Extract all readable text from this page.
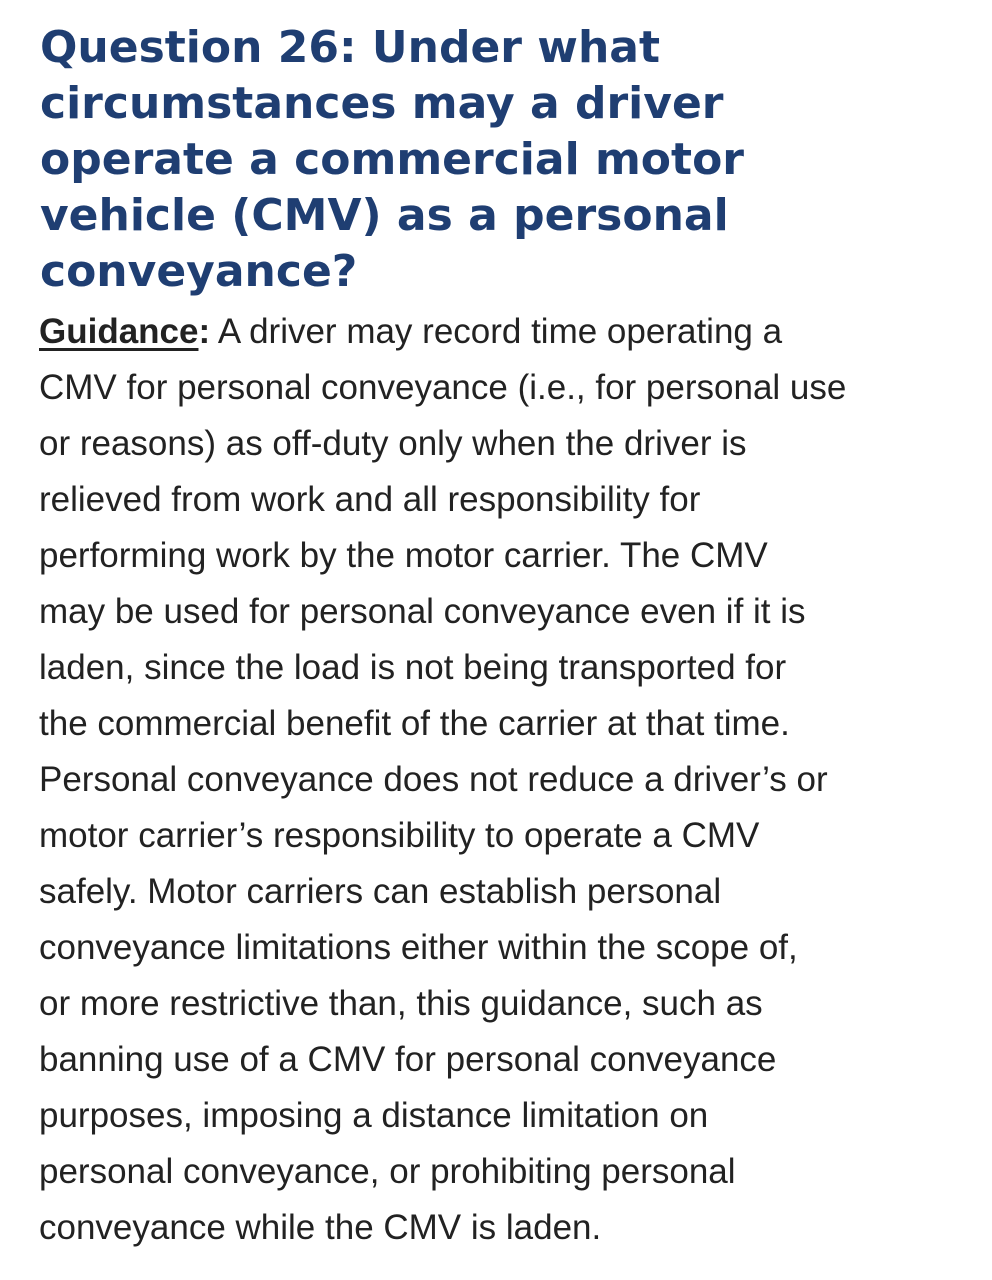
Question 26: Under what
circumstances may a driver
operate a commercial motor
vehicle (CMV) as a personal
conveyance?
Guidance: A driver may record time operating a
CMV for personal conveyance (i.e., for personal use
or reasons) as off-duty only when the driver is
relieved from work and all responsibility for
performing work by the motor carrier. The CMV
may be used for personal conveyance even if it is
laden, since the load is not being transported for
the commercial benefit of the carrier at that time.
Personal conveyance does not reduce a driver’s or
motor carrier’s responsibility to operate a CMV
safely. Motor carriers can establish personal
conveyance limitations either within the scope of,
or more restrictive than, this guidance, such as
banning use of a CMV for personal conveyance
purposes, imposing a distance limitation on
personal conveyance, or prohibiting personal
conveyance while the CMV is laden.
